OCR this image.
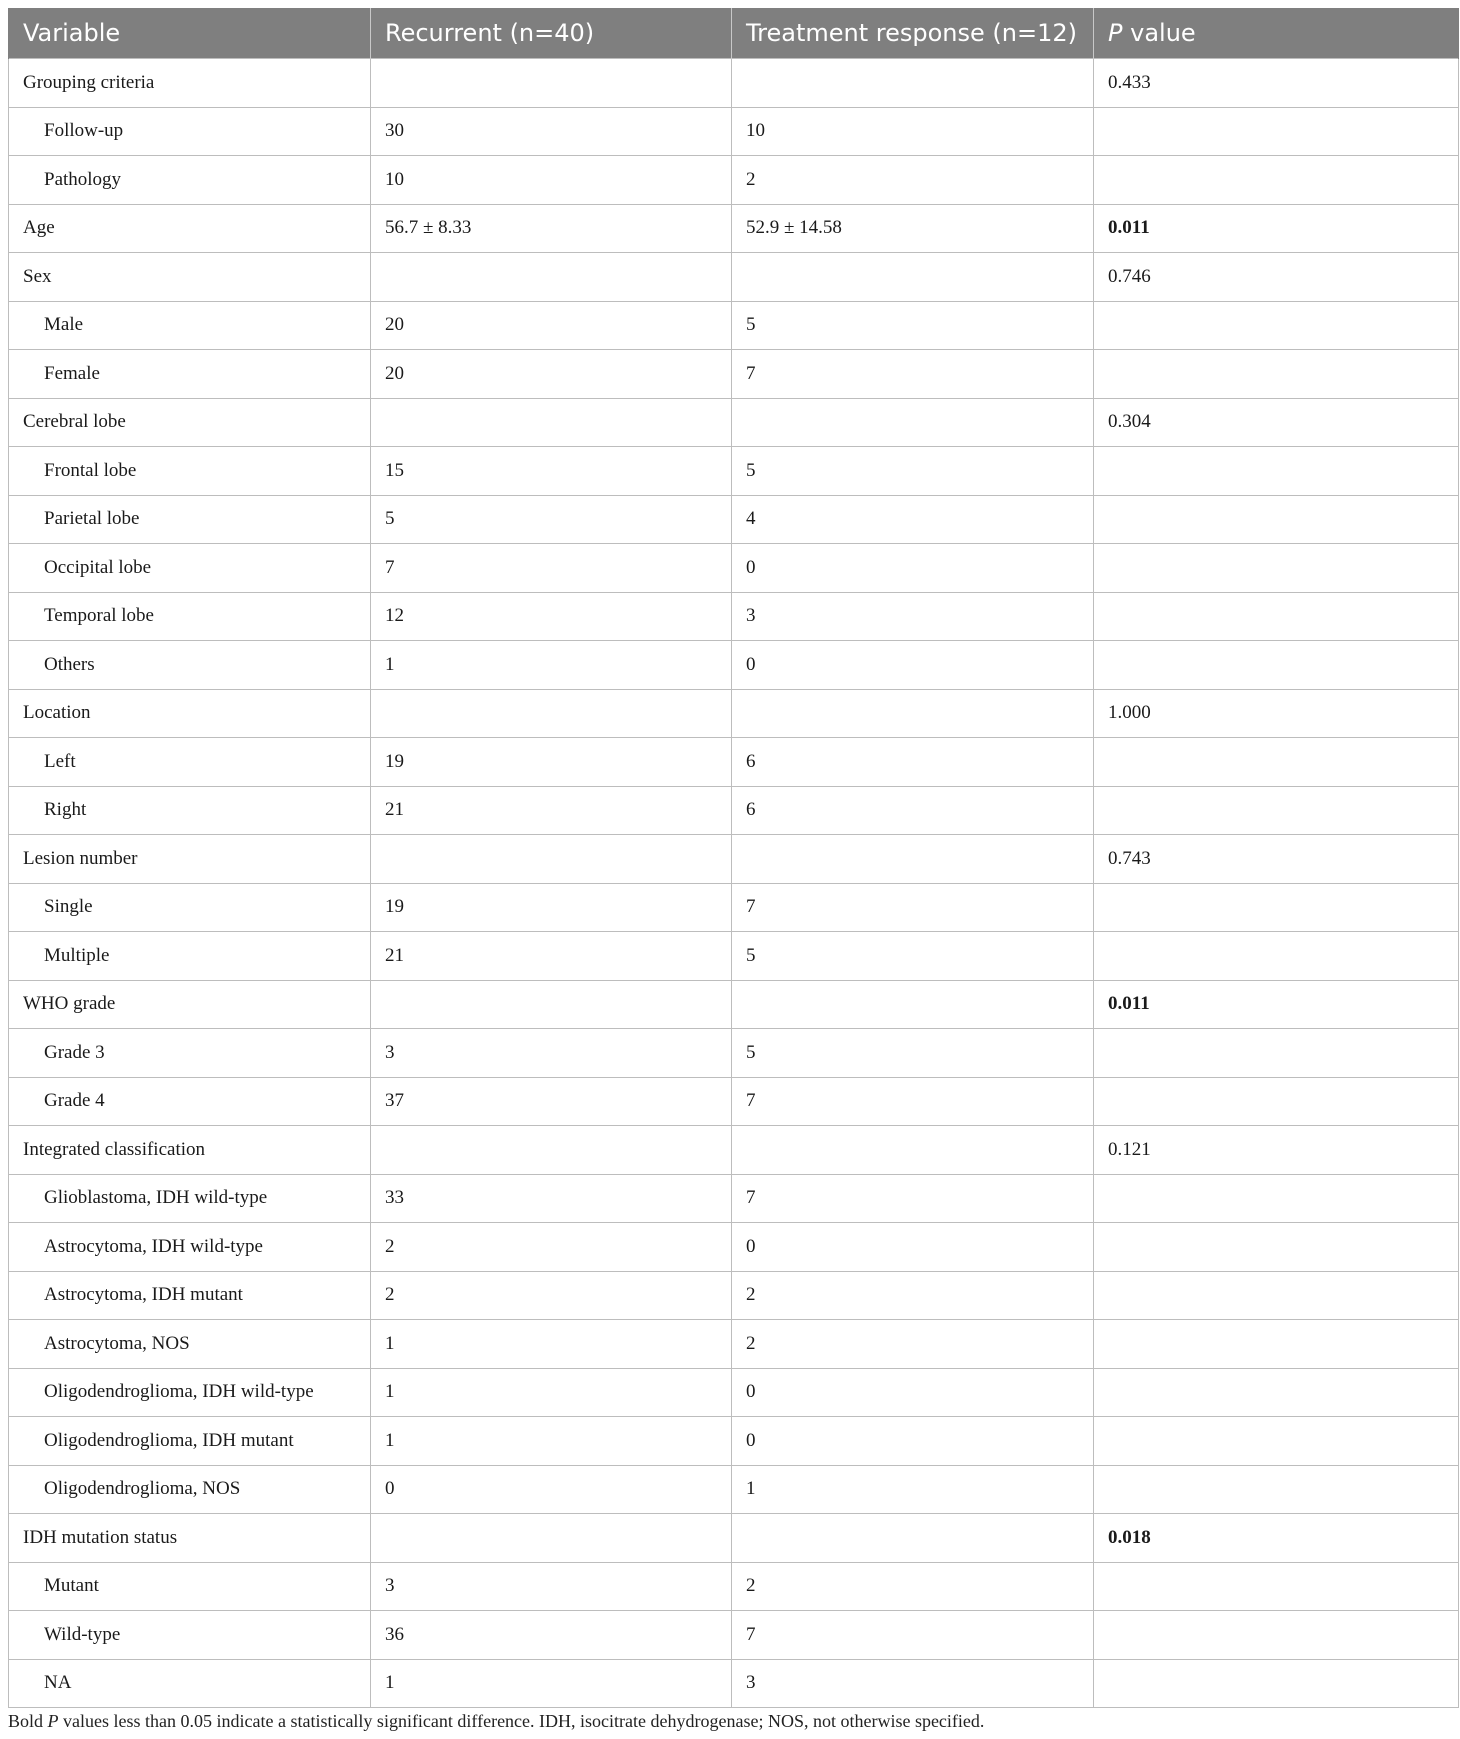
Variable	Recurrent (n=40)	Treatment response (n=12)	P value
Grouping criteria			0.433
Follow-up	30	10	
Pathology	10	2	
Age	56.7 ± 8.33	52.9 ± 14.58	0.011
Sex			0.746
Male	20	5	
Female	20	7	
Cerebral lobe			0.304
Frontal lobe	15	5	
Parietal lobe	5	4	
Occipital lobe	7	0	
Temporal lobe	12	3	
Others	1	0	
Location			1.000
Left	19	6	
Right	21	6	
Lesion number			0.743
Single	19	7	
Multiple	21	5	
WHO grade			0.011
Grade 3	3	5	
Grade 4	37	7	
Integrated classification			0.121
Glioblastoma, IDH wild-type	33	7	
Astrocytoma, IDH wild-type	2	0	
Astrocytoma, IDH mutant	2	2	
Astrocytoma, NOS	1	2	
Oligodendroglioma, IDH wild-type	1	0	
Oligodendroglioma, IDH mutant	1	0	
Oligodendroglioma, NOS	0	1	
IDH mutation status			0.018
Mutant	3	2	
Wild-type	36	7	
NA	1	3	
Bold P values less than 0.05 indicate a statistically significant difference. IDH, isocitrate dehydrogenase; NOS, not otherwise specified.
